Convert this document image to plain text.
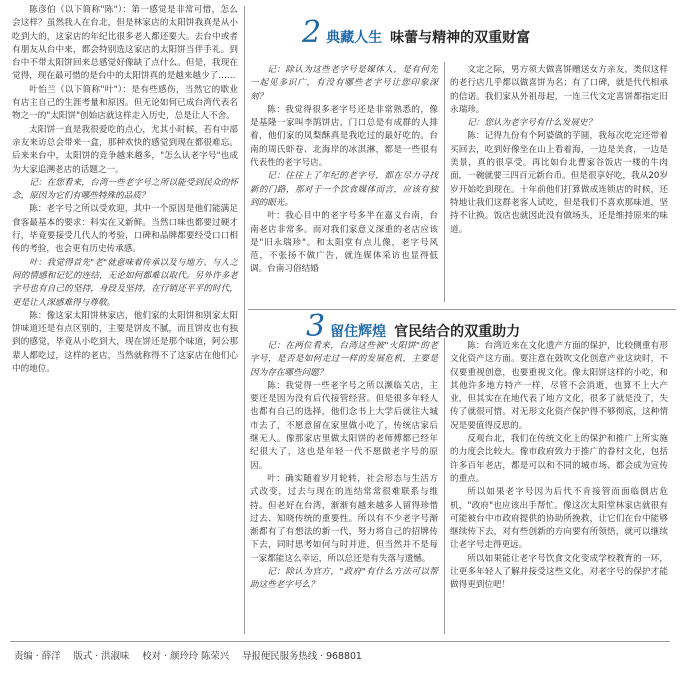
陈彦伯（以下简称"陈"）：第一感觉是非常可惜，怎么会这样？虽然我人在台北，但是林家店的太阳饼我真是从小吃到大的，这家店的年纪比很多老人都还要大。去台中或者有朋友从台中来，都会特别选这家店的太阳饼当伴手礼。到台中不带太阳饼回来总感觉好像缺了点什么。但是，我现在觉得，现在最可惜的是台中的太阳饼真的是越来越少了……

叶怡兰（以下简称"叶"）：是有些感伤，当然它的歇业有店主自己的生涯考量和原因。但无论如何已成台湾代表名物之一的"太阳饼"创始店就这样走入历史，总是让人不舍。

太阳饼一直是我很爱吃的点心，尤其小时候，若有中部亲友来访总会带来一盒，那种欢快的感觉到现在都很难忘。后来来台中，太阳饼的竞争越来越多，"怎么认老字号"也成为大家追溯老店的话题之一。

记：在您看来，台湾一些老字号之所以能受到民众的怀念，原因为它们有哪些特殊的品质？

陈：老字号之所以受欢迎，其中一个原因是他们能满足食客最基本的要求：料实在又新鲜。当然口味也都要过硬才行，毕竟要接受几代人的考验，口碑和品牌都要经受口口相传的考验，也会更有历史传承感。

叶：我觉得首先"老"就意味着传承以及与地方、与人之间的情感和记忆的连结，无论如何都难以取代。另外许多老字号也有自己的坚持，身段及坚持，在行销还平平的时代，更是让人深感难得与尊敬。

陈：像这家太阳饼林家店，他们家的太阳饼和别家太阳饼味道还是有点区别的，主要是饼皮不腻，而且饼皮也有独到的感觉，毕竟从小吃到大，现在饼还是那个味道，阿公那辈人都吃过，这样的老店，当然就称得不了这家店在他们心中的地位。

2 典藏人生 味蕾与精神的双重财富

记：除认为这些老字号是媒体人，是有何先一起见多识广，有没有哪些老字号让您印象深刻？

陈：我觉得很多老字号还是非常熟悉的，像是基隆一家叫李鹄饼店，门口总是有成群的人排着，他们家的凤梨酥真是我吃过的最好吃的。台南的周氏虾卷、北海岸的冰淇淋，都是一些很有代表性的老字号店。

记：往往上了年纪的老字号，都在尽力寻找新的门路，那对于一个饮食媒体而言，应该有独到的眼光。

叶：我心目中的老字号多半在嘉义台南，台南老店非常多。而对我们家意义深重的老店应该是"旧永瑞珍"。和太阳堂有点儿像，老字号风范，不张扬不做广告，就连媒体采访也显得低调。台南习俗结婚

文定之际，男方须大做喜饼赠送女方亲友，类似这样的老行店几乎都以做喜饼为名；有了口碑，就是代代相承的信诺。我们家从外祖母起，一连三代文定喜饼都指定旧永瑞珍。

记：您认为老字号有什么发展史？

陈：记得九份有个阿婆做的芋圆，我每次吃完还带着买回去，吃到好像坐在山上看着海，一边是美食，一边是美景，真的很享受。再比如台北曹家谷饭店一楼的牛肉面，一碗就要三四百元新台币。但是很享好吃，我从20岁岁开始吃到现在。十年前他们打算做成连锁店的时候，还特地让我们这群老客人试吃，但是我们不喜欢那味道，坚持不让换。饭店也就因此没有做场头，还是维持原来的味道。

3 留住辉煌 官民结合的双重助力

记：在两位看来，台湾这些被"火阳饼"的老字号，是否是如何走过一样的发展危机，主要是因为存在哪些问题？

陈：我觉得一些老字号之所以濒临关店，主要还是因为没有后代接管经营。但是很多年轻人也都有自己的选择，他们念书上大学后就往大城市去了，不愿意留在家里做小吃了，传统店家后继无人。像那家店里做太阳饼的老师傅都已经年纪很大了，这也是年轻一代不愿做老字号的原因。

叶：确实随着岁月轮转，社会形态与生活方式改变，过去与现在的连结常常很难联系与维持。但老好在台湾，渐渐有越来越多人留得珍惜过去、知晓传统的重要性。所以有不少老字号渐渐都有了有想法的新一代，努力将自己的招牌传下去，同时思考如何与时并进，但当然并不是每一家都能这么幸运，所以总还是有失落与遗憾。

记：除认为官方，"政府"有什么方法可以帮助这些老字号么？

陈：台湾近来在文化遗产方面的保护，比较侧重有形文化资产这方面。要注意在鼓吹文化创意产业这块时，不仅要重视创意，也要重视文化。像太阳饼这样的小吃，和其他许多地方特产一样，尽管不会消逝，也算不上大产业，但其实在在地代表了地方文化，很多了就是没了，失传了就很可惜。对无形文化资产保护得不够彻底，这种情况是要值得反思的。

反观台北，我们在传统文化上的保护和推广上所实施的力度会比较大。像市政府致力于推广的眷村文化，包括许多百年老店，都是可以和不同的城市场、都会成为宣传的重点。

所以如果老字号因为后代不肯接管而面临倒店危机，"政府"也应该出手帮忙。像这次太阳堂林家店就很有可能被台中市政府提供的协助所挽救，让它们在台中能够继续传下去，对有些创新的方向要有所领悟，就可以继续让老字号走得更远。

所以如果能让老字号饮食文化变成学校教育的一环，让更多年轻人了解并接受这些文化，对老字号的保护才能做得更到位吧！

责编 · 薛洋 版式 · 洪淑味 校对 · 颜玲玲 陈荣兴 导报便民服务热线 · 968801
